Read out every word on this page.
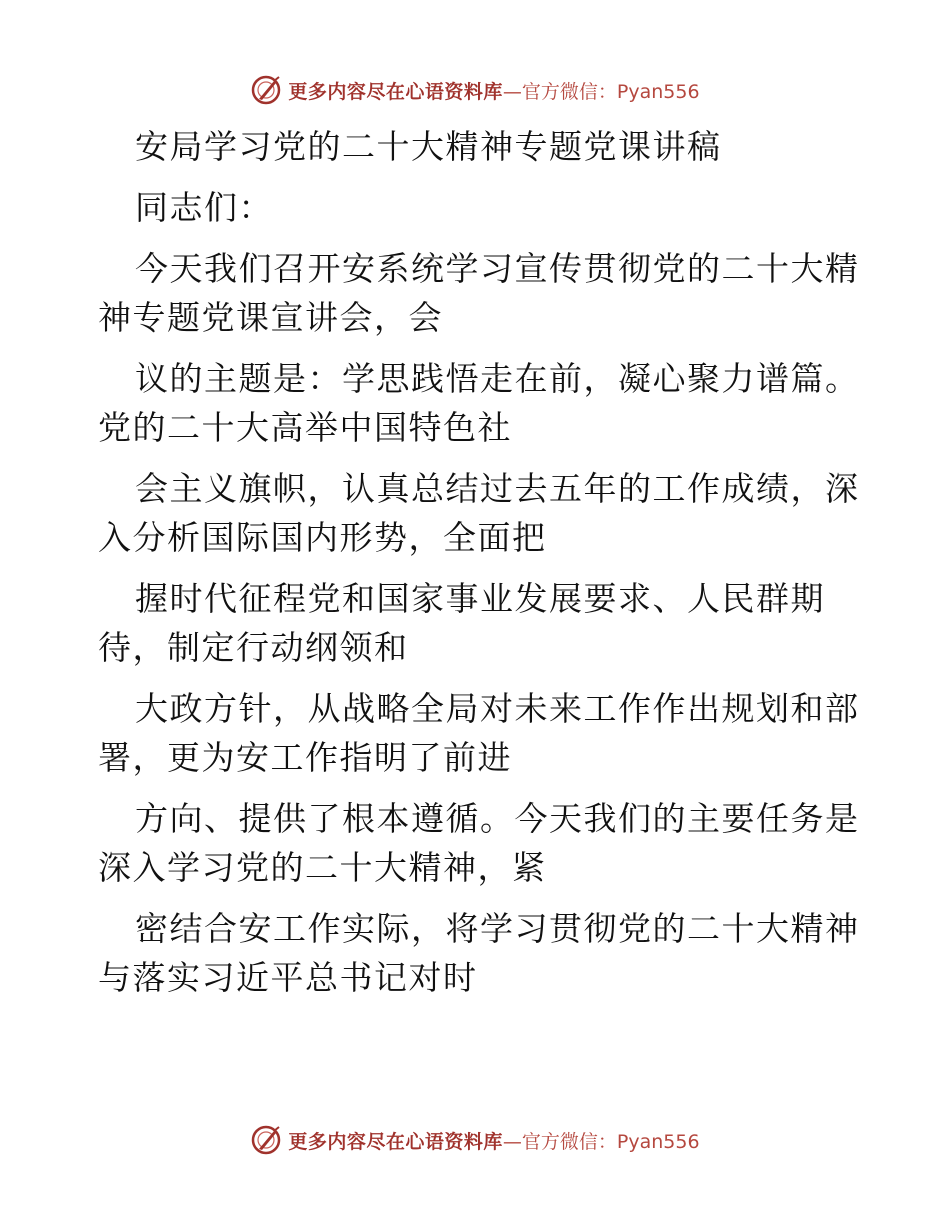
更多内容尽在心语资料库 —官方微信：Pyan556
安局学习党的二十大精神专题党课讲稿
同志们：
今天我们召开安系统学习宣传贯彻党的二十大精
神专题党课宣讲会，会
议的主题是：学思践悟走在前，凝心聚力谱篇。
党的二十大高举中国特色社
会主义旗帜，认真总结过去五年的工作成绩，深
入分析国际国内形势，全面把
握时代征程党和国家事业发展要求、人民群期
待，制定行动纲领和
大政方针，从战略全局对未来工作作出规划和部
署，更为安工作指明了前进
方向、提供了根本遵循。今天我们的主要任务是
深入学习党的二十大精神，紧
密结合安工作实际，将学习贯彻党的二十大精神
与落实习近平总书记对时
更多内容尽在心语资料库 —官方微信：Pyan556
